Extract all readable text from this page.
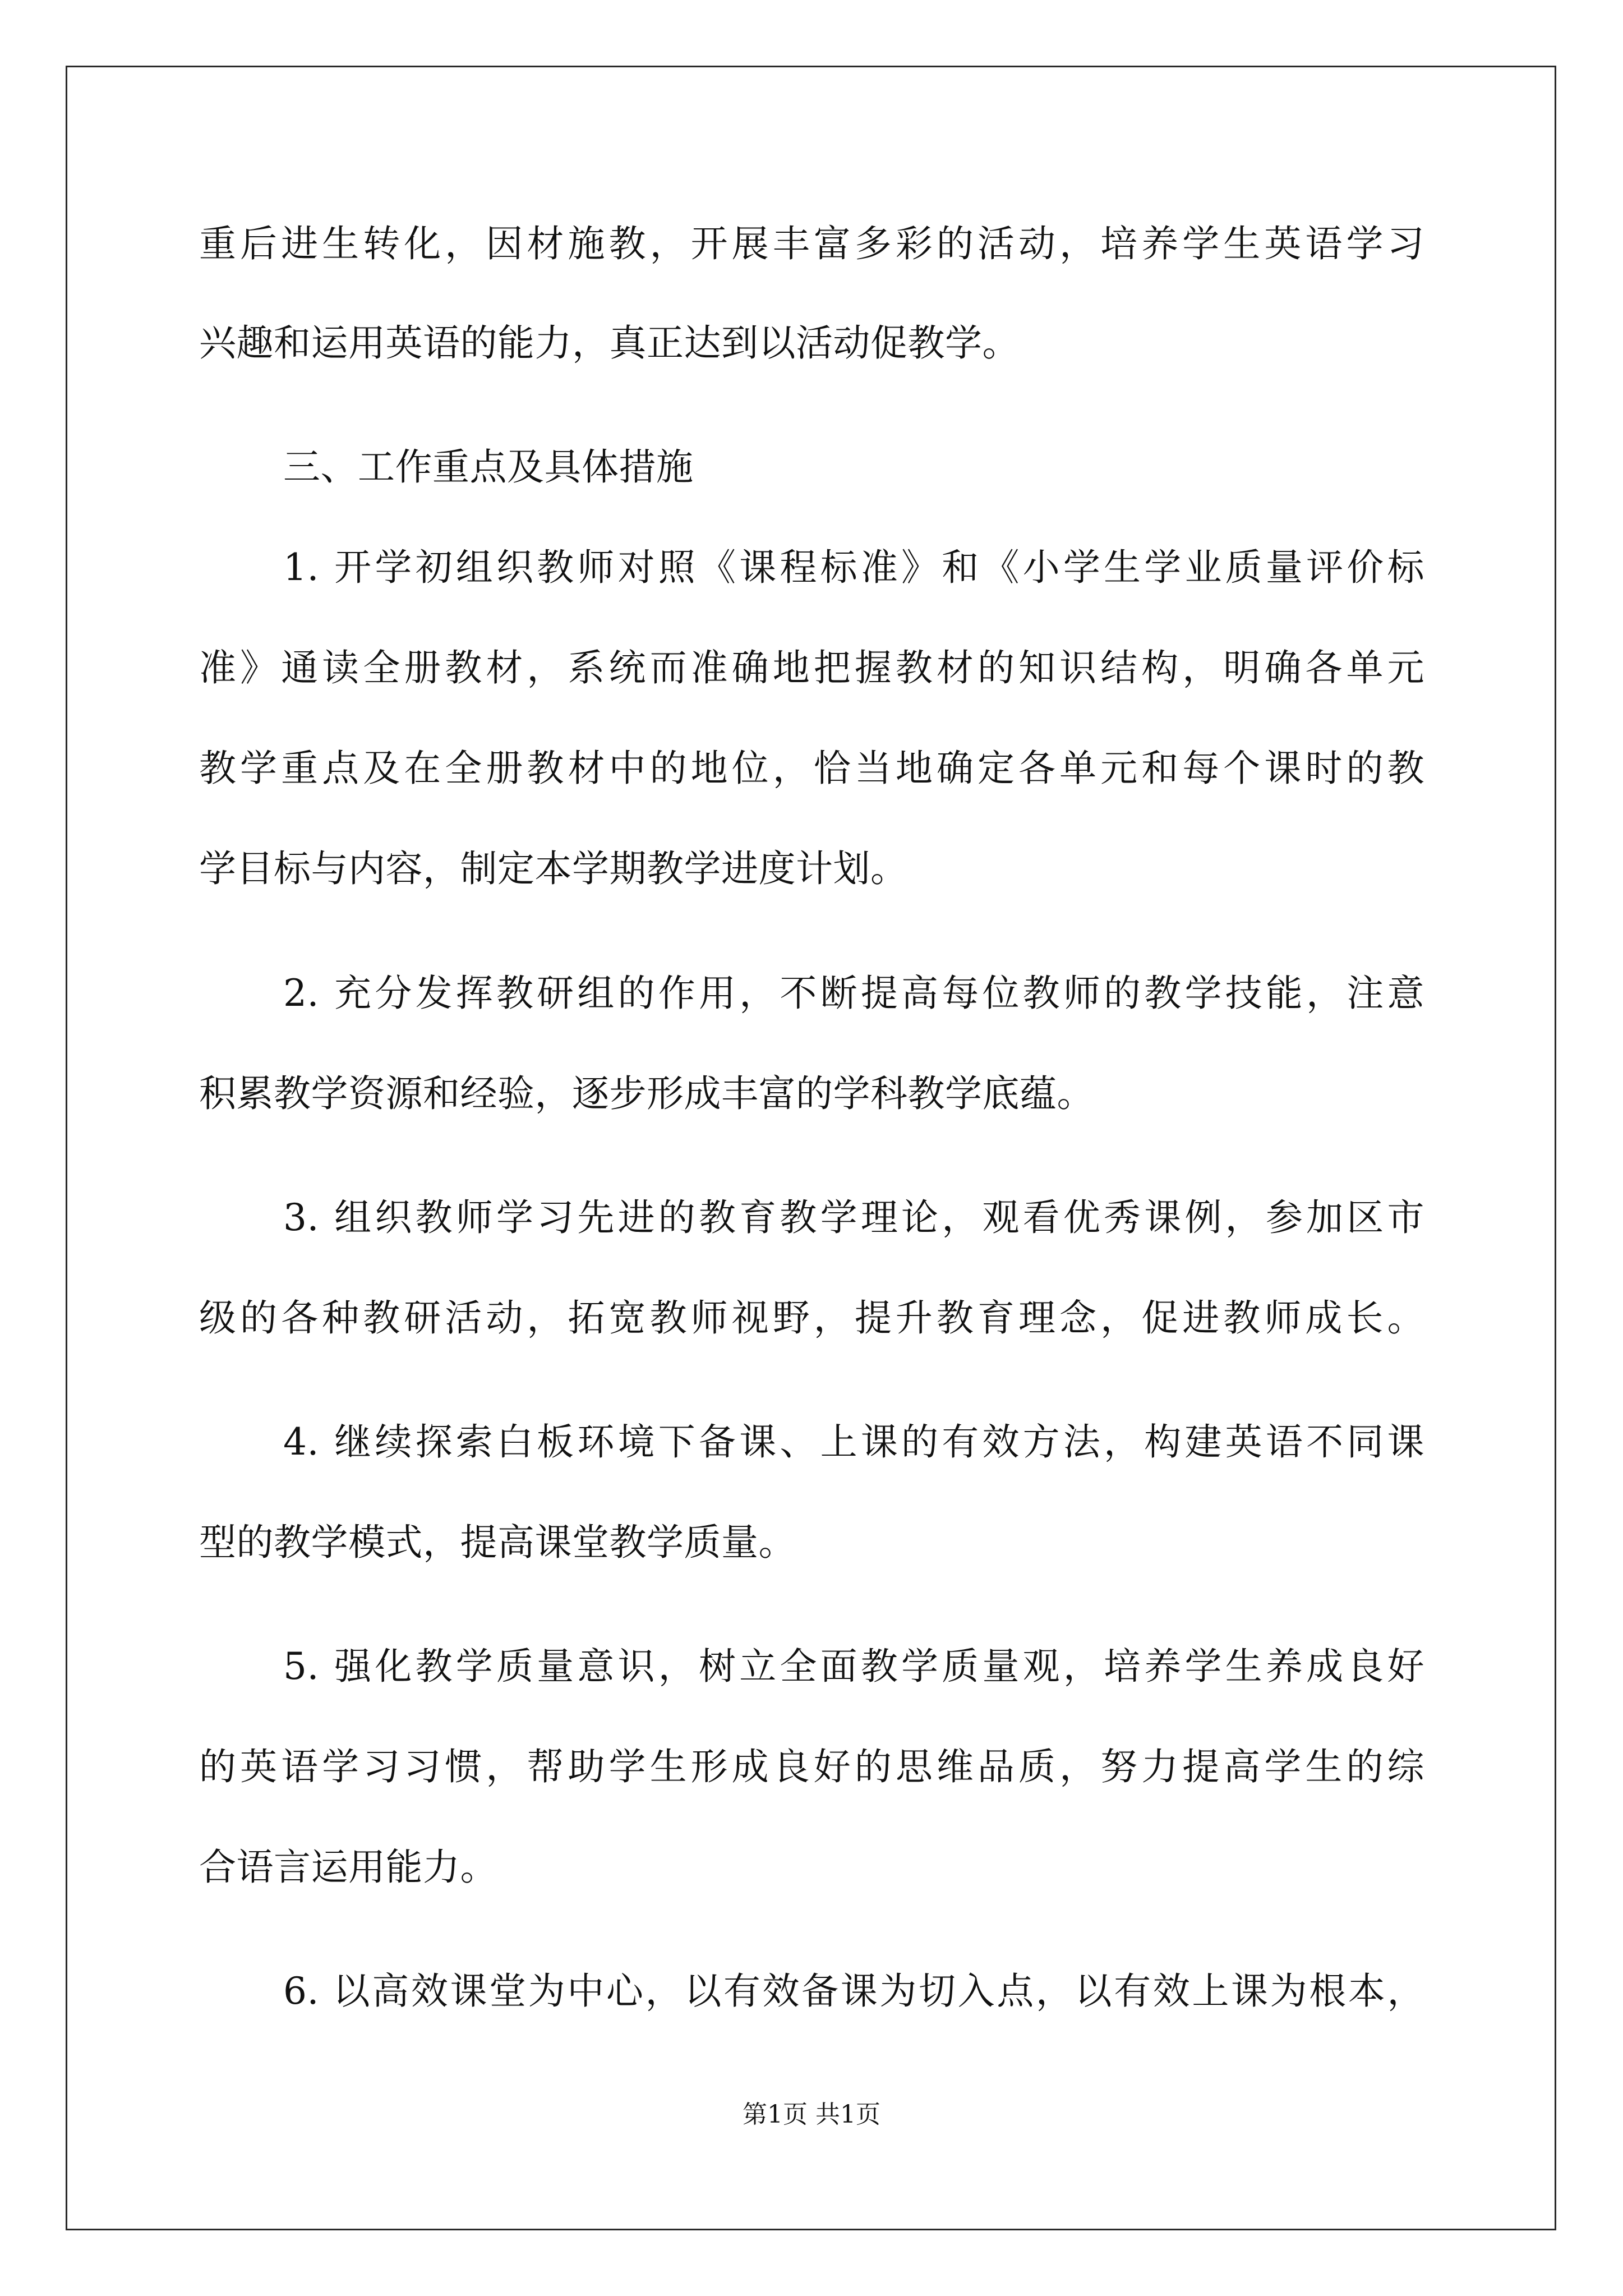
重后进生转化，因材施教，开展丰富多彩的活动，培养学生英语学习
兴趣和运用英语的能力，真正达到以活动促教学。
三、工作重点及具体措施
1. 开学初组织教师对照《课程标准》和《小学生学业质量评价标
准》通读全册教材，系统而准确地把握教材的知识结构，明确各单元
教学重点及在全册教材中的地位，恰当地确定各单元和每个课时的教
学目标与内容，制定本学期教学进度计划。
2. 充分发挥教研组的作用，不断提高每位教师的教学技能，注意
积累教学资源和经验，逐步形成丰富的学科教学底蕴。
3. 组织教师学习先进的教育教学理论，观看优秀课例，参加区市
级的各种教研活动，拓宽教师视野，提升教育理念，促进教师成长。
4. 继续探索白板环境下备课、上课的有效方法，构建英语不同课
型的教学模式，提高课堂教学质量。
5. 强化教学质量意识，树立全面教学质量观，培养学生养成良好
的英语学习习惯，帮助学生形成良好的思维品质，努力提高学生的综
合语言运用能力。
6. 以高效课堂为中心，以有效备课为切入点，以有效上课为根本，
第1页 共1页
